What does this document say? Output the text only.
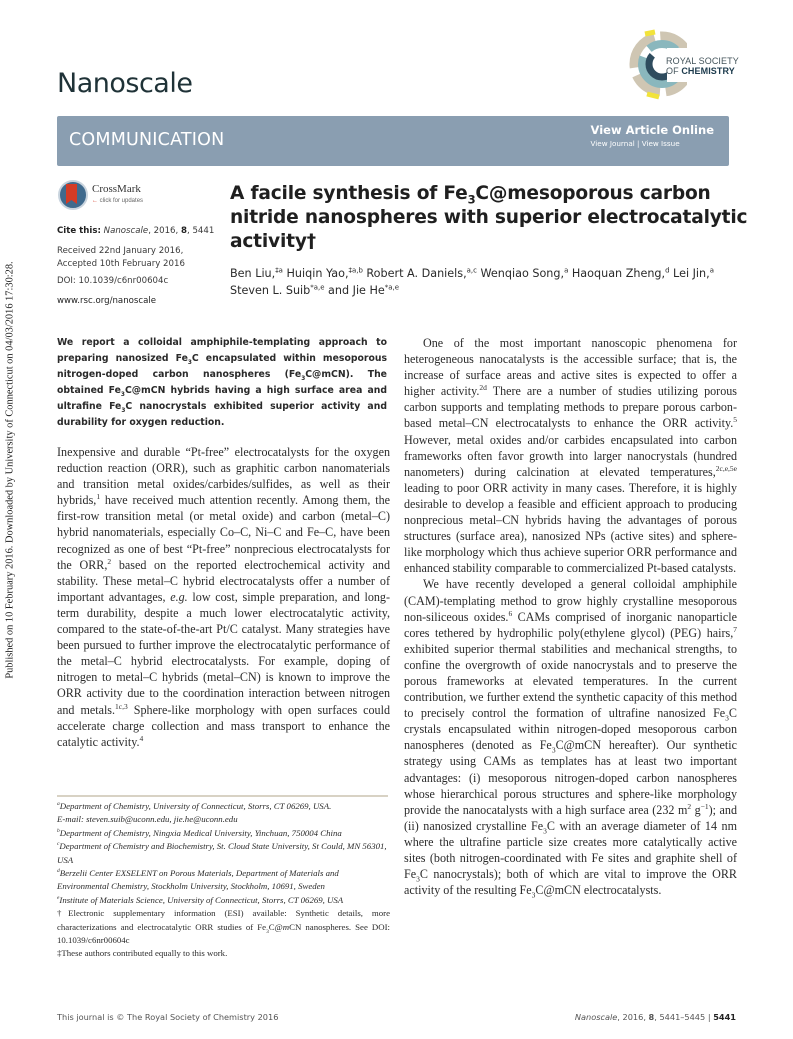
Published on 10 February 2016. Downloaded by University of Connecticut on 04/03/2016 17:30:28.
Nanoscale
ROYAL SOCIETY
OF CHEMISTRY
COMMUNICATION	View Article Online
View Journal | View Issue
CrossMark
← click for updates
Cite this: Nanoscale, 2016, 8, 5441
Received 22nd January 2016,
Accepted 10th February 2016
DOI: 10.1039/c6nr00604c
www.rsc.org/nanoscale
A facile synthesis of $Fe_3C@mesoporous$ carbon nitride nanospheres with superior electrocatalytic activity†
Ben Liu,$^{\ddagger a}$ Huiqin Yao,$^{\ddagger a,b}$ Robert A. Daniels,$^{a,c}$ Wenqiao Song,$^a$ Haoquan Zheng,$^d$ Lei Jin,$^a$ Steven L. Suib$^{*a,e}$ and Jie He$^{*a,e}$
We report a colloidal amphiphile-templating approach to preparing nanosized $Fe_3C$ encapsulated within mesoporous nitrogen-doped carbon nanospheres $(Fe_3C@mCN)$. The obtained $Fe_3C@mCN$ hybrids having a high surface area and ultrafine $Fe_3C$ nanocrystals exhibited superior activity and durability for oxygen reduction.

Inexpensive and durable “Pt-free” electrocatalysts for the oxygen reduction reaction (ORR), such as graphitic carbon nanomaterials and transition metal oxides/carbides/sulfides, as well as their hybrids,$^1$ have received much attention recently. Among them, the first-row transition metal (or metal oxide) and carbon (metal–C) hybrid nanomaterials, especially Co–C, Ni–C and Fe–C, have been recognized as one of best “Pt-free” nonprecious electrocatalysts for the ORR,$^2$ based on the reported electrochemical activity and stability. These metal–C hybrid electrocatalysts offer a number of important advantages, e.g. low cost, simple preparation, and long-term durability, despite a much lower electrocatalytic activity, compared to the state-of-the-art Pt/C catalyst. Many strategies have been pursued to further improve the electrocatalytic performance of the metal–C hybrid electrocatalysts. For example, doping of nitrogen to metal–C hybrids (metal–CN) is known to improve the ORR activity due to the coordination interaction between nitrogen and metals.$^{1c,3}$ Sphere-like morphology with open surfaces could accelerate charge collection and mass transport to enhance the catalytic activity.$^4$

$^a$Department of Chemistry, University of Connecticut, Storrs, CT 06269, USA.
E-mail: steven.suib@uconn.edu, jie.he@uconn.edu
$^b$Department of Chemistry, Ningxia Medical University, Yinchuan, 750004 China
$^c$Department of Chemistry and Biochemistry, St. Cloud State University, St Could, MN 56301, USA
$^d$Berzelii Center EXSELENT on Porous Materials, Department of Materials and Environmental Chemistry, Stockholm University, Stockholm, 10691, Sweden
$^e$Institute of Materials Science, University of Connecticut, Storrs, CT 06269, USA
†Electronic supplementary information (ESI) available: Synthetic details, more characterizations and electrocatalytic ORR studies of $Fe_3C@mCN$ nanospheres. See DOI: 10.1039/c6nr00604c
‡These authors contributed equally to this work.

One of the most important nanoscopic phenomena for heterogeneous nanocatalysts is the accessible surface; that is, the increase of surface areas and active sites is expected to offer a higher activity.$^{2d}$ There are a number of studies utilizing porous carbon supports and templating methods to prepare porous carbon-based metal–CN electrocatalysts to enhance the ORR activity.$^5$ However, metal oxides and/or carbides encapsulated into carbon frameworks often favor growth into larger nanocrystals (hundred nanometers) during calcination at elevated temperatures,$^{2c,e,5e}$ leading to poor ORR activity in many cases. Therefore, it is highly desirable to develop a feasible and efficient approach to producing nonprecious metal–CN hybrids having the advantages of porous structures (surface area), nanosized NPs (active sites) and sphere-like morphology which thus achieve superior ORR performance and enhanced stability comparable to commercialized Pt-based catalysts.

We have recently developed a general colloidal amphiphile (CAM)-templating method to grow highly crystalline mesoporous non-siliceous oxides.$^6$ CAMs comprised of inorganic nanoparticle cores tethered by hydrophilic poly(ethylene glycol) (PEG) hairs,$^7$ exhibited superior thermal stabilities and mechanical strengths, to confine the overgrowth of oxide nanocrystals and to preserve the porous frameworks at elevated temperatures. In the current contribution, we further extend the synthetic capacity of this method to precisely control the formation of ultrafine nanosized $Fe_3C$ crystals encapsulated within nitrogen-doped mesoporous carbon nanospheres (denoted as $Fe_3C@mCN$ hereafter). Our synthetic strategy using CAMs as templates has at least two important advantages: (i) mesoporous nitrogen-doped carbon nanospheres whose hierarchical porous structures and sphere-like morphology provide the nanocatalysts with a high surface area (232 $m^2$ $g^{-1}$); and (ii) nanosized crystalline $Fe_3C$ with an average diameter of 14 nm where the ultrafine particle size creates more catalytically active sites (both nitrogen-coordinated with Fe sites and graphite shell of $Fe_3C$ nanocrystals); both of which are vital to improve the ORR activity of the resulting $Fe_3C@mCN$ electrocatalysts.

This journal is © The Royal Society of Chemistry 2016	Nanoscale, 2016, 8, 5441–5445 | 5441
